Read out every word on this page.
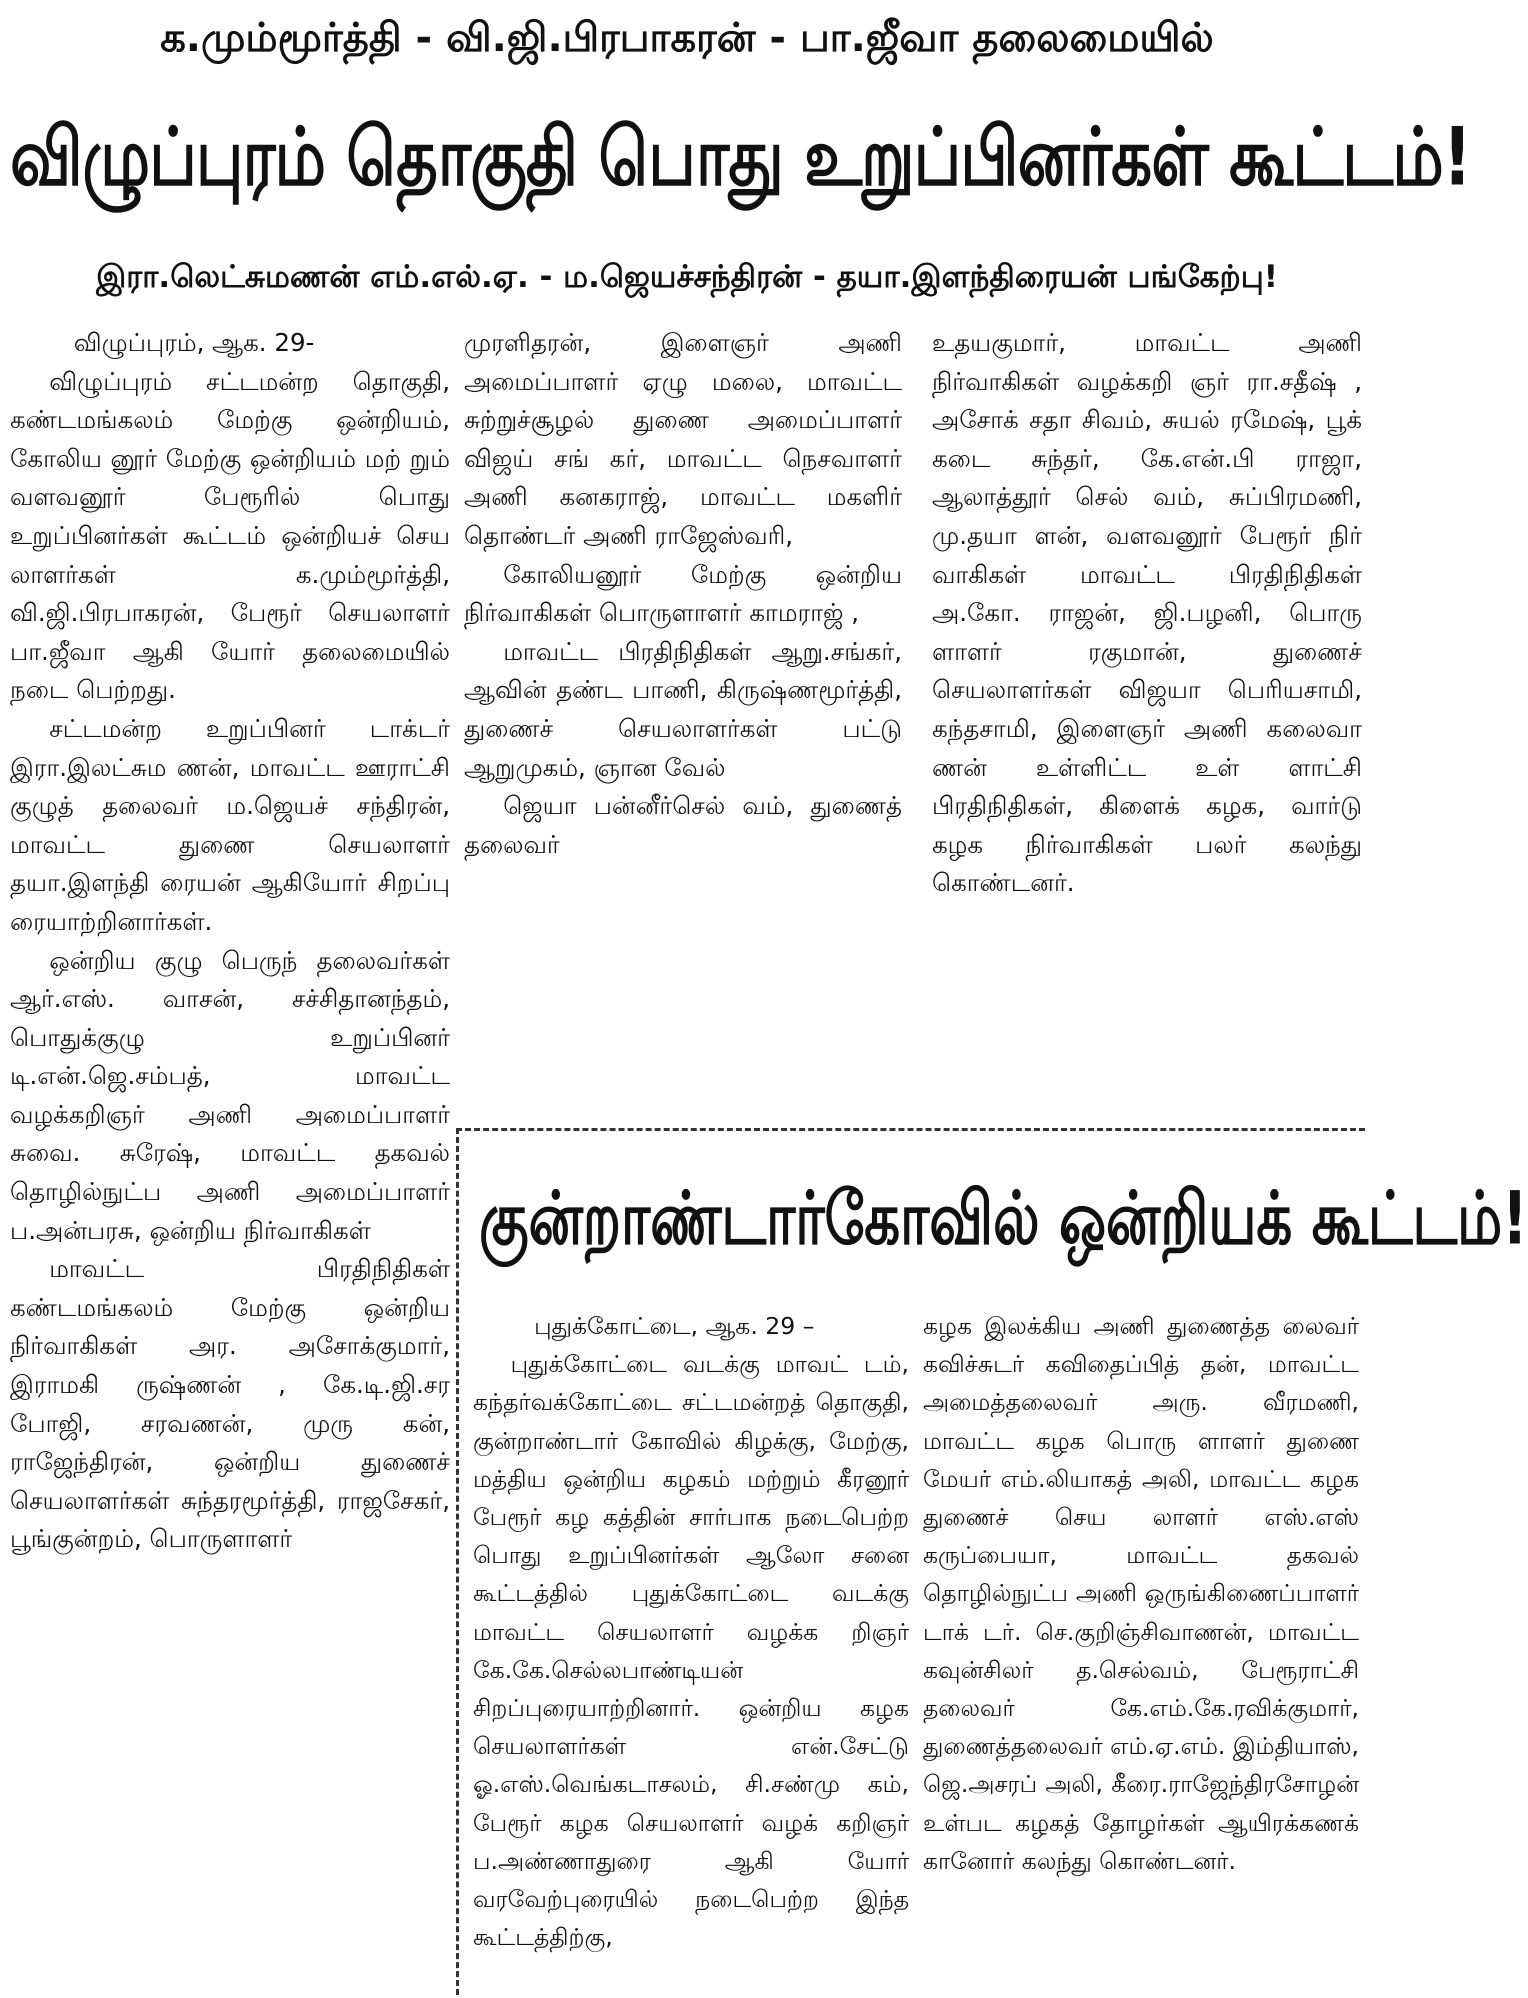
க.மும்மூர்த்தி - வி.ஜி.பிரபாகரன் - பா.ஜீவா தலைமையில்
விழுப்புரம் தொகுதி பொது உறுப்பினர்கள் கூட்டம்!
இரா.லெட்சுமணன் எம்.எல்.ஏ. - ம.ஜெயச்சந்திரன் - தயா.இளந்திரையன் பங்கேற்பு!

விழுப்புரம், ஆக. 29-

விழுப்புரம் சட்டமன்ற தொகுதி, கண்டமங்கலம் மேற்கு ஒன்றியம், கோலிய னூர் மேற்கு ஒன்றியம் மற் றும் வளவனூர் பேரூரில் பொது உறுப்பினர்கள் கூட்டம் ஒன்றியச் செய லாளர்கள் க.மும்மூர்த்தி, வி.ஜி.பிரபாகரன், பேரூர் செயலாளர் பா.ஜீவா ஆகி யோர் தலைமையில் நடை பெற்றது.

சட்டமன்ற உறுப்பினர் டாக்டர் இரா.இலட்சும ணன், மாவட்ட ஊராட்சி குழுத் தலைவர் ம.ஜெயச் சந்திரன், மாவட்ட துணை செயலாளர் தயா.இளந்தி ரையன் ஆகியோர் சிறப்பு ரையாற்றினார்கள்.

ஒன்றிய குழு பெருந் தலைவர்கள் ஆர்.எஸ். வாசன், சச்சிதானந்தம், பொதுக்குழு உறுப்பினர் டி.என்.ஜெ.சம்பத், மாவட்ட வழக்கறிஞர் அணி அமைப்பாளர் சுவை. சுரேஷ், மாவட்ட தகவல் தொழில்நுட்ப அணி அமைப்பாளர் ப.அன்பரசு, ஒன்றிய நிர்வாகிகள்

மாவட்ட பிரதிநிதிகள் கண்டமங்கலம் மேற்கு ஒன்றிய நிர்வாகிகள் அர. அசோக்குமார், இராமகி ருஷ்ணன் , கே.டி.ஜி.சர போஜி, சரவணன், முரு கன், ராஜேந்திரன், ஒன்றிய துணைச் செயலாளர்கள் சுந்தரமூர்த்தி, ராஜசேகர், பூங்குன்றம், பொருளாளர்

முரளிதரன், இளைஞர் அணி அமைப்பாளர் ஏழு மலை, மாவட்ட சுற்றுச்சூழல் துணை அமைப்பாளர் விஜய் சங் கர், மாவட்ட நெசவாளர் அணி கனகராஜ், மாவட்ட மகளிர் தொண்டர் அணி ராஜேஸ்வரி,

கோலியனூர் மேற்கு ஒன்றிய நிர்வாகிகள் பொருளாளர் காமராஜ் ,

மாவட்ட பிரதிநிதிகள் ஆறு.சங்கர், ஆவின் தண்ட பாணி, கிருஷ்ணமூர்த்தி, துணைச் செயலாளர்கள் பட்டு ஆறுமுகம், ஞான வேல்

ஜெயா பன்னீர்செல் வம், துணைத் தலைவர்

உதயகுமார், மாவட்ட அணி நிர்வாகிகள் வழக்கறி ஞர் ரா.சதீஷ் , அசோக் சதா சிவம், சுயல் ரமேஷ், பூக் கடை சுந்தர், கே.என்.பி ராஜா, ஆலாத்தூர் செல் வம், சுப்பிரமணி, மு.தயா ளன், வளவனூர் பேரூர் நிர் வாகிகள் மாவட்ட பிரதிநிதிகள் அ.கோ. ராஜன், ஜி.பழனி, பொரு ளாளர் ரகுமான், துணைச் செயலாளர்கள் விஜயா பெரியசாமி, கந்தசாமி, இளைஞர் அணி கலைவா ணன் உள்ளிட்ட உள் ளாட்சி பிரதிநிதிகள், கிளைக் கழக, வார்டு கழக நிர்வாகிகள் பலர் கலந்து கொண்டனர்.

குன்றாண்டார்கோவில் ஒன்றியக் கூட்டம்!

புதுக்கோட்டை, ஆக. 29 –

புதுக்கோட்டை வடக்கு மாவட் டம், கந்தர்வக்கோட்டை சட்டமன்றத் தொகுதி, குன்றாண்டார் கோவில் கிழக்கு, மேற்கு, மத்திய ஒன்றிய கழகம் மற்றும் கீரனூர் பேரூர் கழ கத்தின் சார்பாக நடைபெற்ற பொது உறுப்பினர்கள் ஆலோ சனை கூட்டத்தில் புதுக்கோட்டை வடக்கு மாவட்ட செயலாளர் வழக்க றிஞர் கே.கே.செல்லபாண்டியன் சிறப்புரையாற்றினார். ஒன்றிய கழக செயலாளர்கள் என்.சேட்டு ஓ.எஸ்.வெங்கடாசலம், சி.சண்மு கம், பேரூர் கழக செயலாளர் வழக் கறிஞர் ப.அண்ணாதுரை ஆகி யோர் வரவேற்புரையில் நடைபெற்ற இந்த கூட்டத்திற்கு,

கழக இலக்கிய அணி துணைத்த லைவர் கவிச்சுடர் கவிதைப்பித் தன், மாவட்ட அமைத்தலைவர் அரு. வீரமணி, மாவட்ட கழக பொரு ளாளர் துணை மேயர் எம்.லியாகத் அலி, மாவட்ட கழக துணைச் செய லாளர் எஸ்.எஸ் கருப்பையா, மாவட்ட தகவல் தொழில்நுட்ப அணி ஒருங்கிணைப்பாளர் டாக் டர். செ.குறிஞ்சிவாணன், மாவட்ட கவுன்சிலர் த.செல்வம், பேரூராட்சி தலைவர் கே.எம்.கே.ரவிக்குமார், துணைத்தலைவர் எம்.ஏ.எம். இம்தியாஸ், ஜெ.அசரப் அலி, கீரை.ராஜேந்திரசோழன் உள்பட கழகத் தோழர்கள் ஆயிரக்கணக் கானோர் கலந்து கொண்டனர்.
